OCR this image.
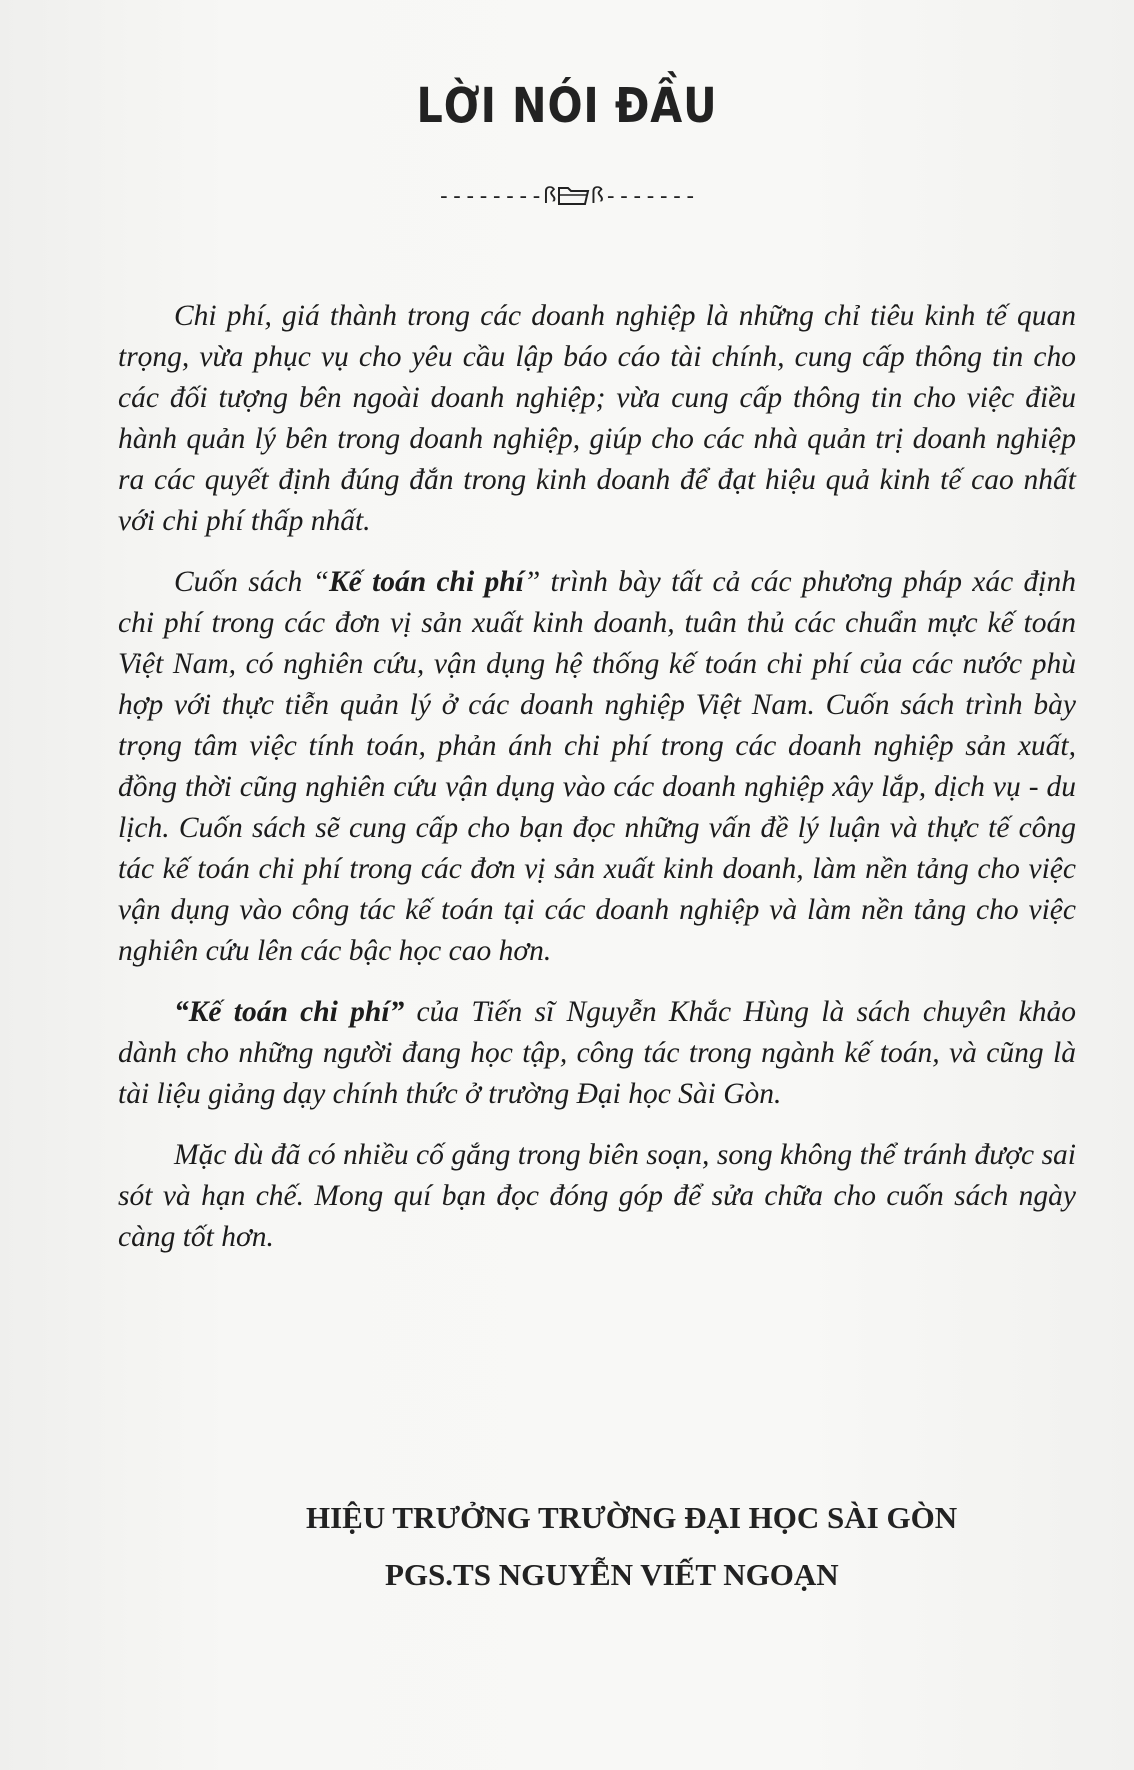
LỜI NÓI ĐẦU
--------ꟗ ꟗ-------

Chi phí, giá thành trong các doanh nghiệp là những chỉ tiêu kinh tế quan trọng, vừa phục vụ cho yêu cầu lập báo cáo tài chính, cung cấp thông tin cho các đối tượng bên ngoài doanh nghiệp; vừa cung cấp thông tin cho việc điều hành quản lý bên trong doanh nghiệp, giúp cho các nhà quản trị doanh nghiệp ra các quyết định đúng đắn trong kinh doanh để đạt hiệu quả kinh tế cao nhất với chi phí thấp nhất.

Cuốn sách “Kế toán chi phí” trình bày tất cả các phương pháp xác định chi phí trong các đơn vị sản xuất kinh doanh, tuân thủ các chuẩn mực kế toán Việt Nam, có nghiên cứu, vận dụng hệ thống kế toán chi phí của các nước phù hợp với thực tiễn quản lý ở các doanh nghiệp Việt Nam. Cuốn sách trình bày trọng tâm việc tính toán, phản ánh chi phí trong các doanh nghiệp sản xuất, đồng thời cũng nghiên cứu vận dụng vào các doanh nghiệp xây lắp, dịch vụ - du lịch. Cuốn sách sẽ cung cấp cho bạn đọc những vấn đề lý luận và thực tế công tác kế toán chi phí trong các đơn vị sản xuất kinh doanh, làm nền tảng cho việc vận dụng vào công tác kế toán tại các doanh nghiệp và làm nền tảng cho việc nghiên cứu lên các bậc học cao hơn.

“Kế toán chi phí” của Tiến sĩ Nguyễn Khắc Hùng là sách chuyên khảo dành cho những người đang học tập, công tác trong ngành kế toán, và cũng là tài liệu giảng dạy chính thức ở trường Đại học Sài Gòn.

Mặc dù đã có nhiều cố gắng trong biên soạn, song không thể tránh được sai sót và hạn chế. Mong quí bạn đọc đóng góp để sửa chữa cho cuốn sách ngày càng tốt hơn.

HIỆU TRƯỞNG TRƯỜNG ĐẠI HỌC SÀI GÒN
PGS.TS NGUYỄN VIẾT NGOẠN
